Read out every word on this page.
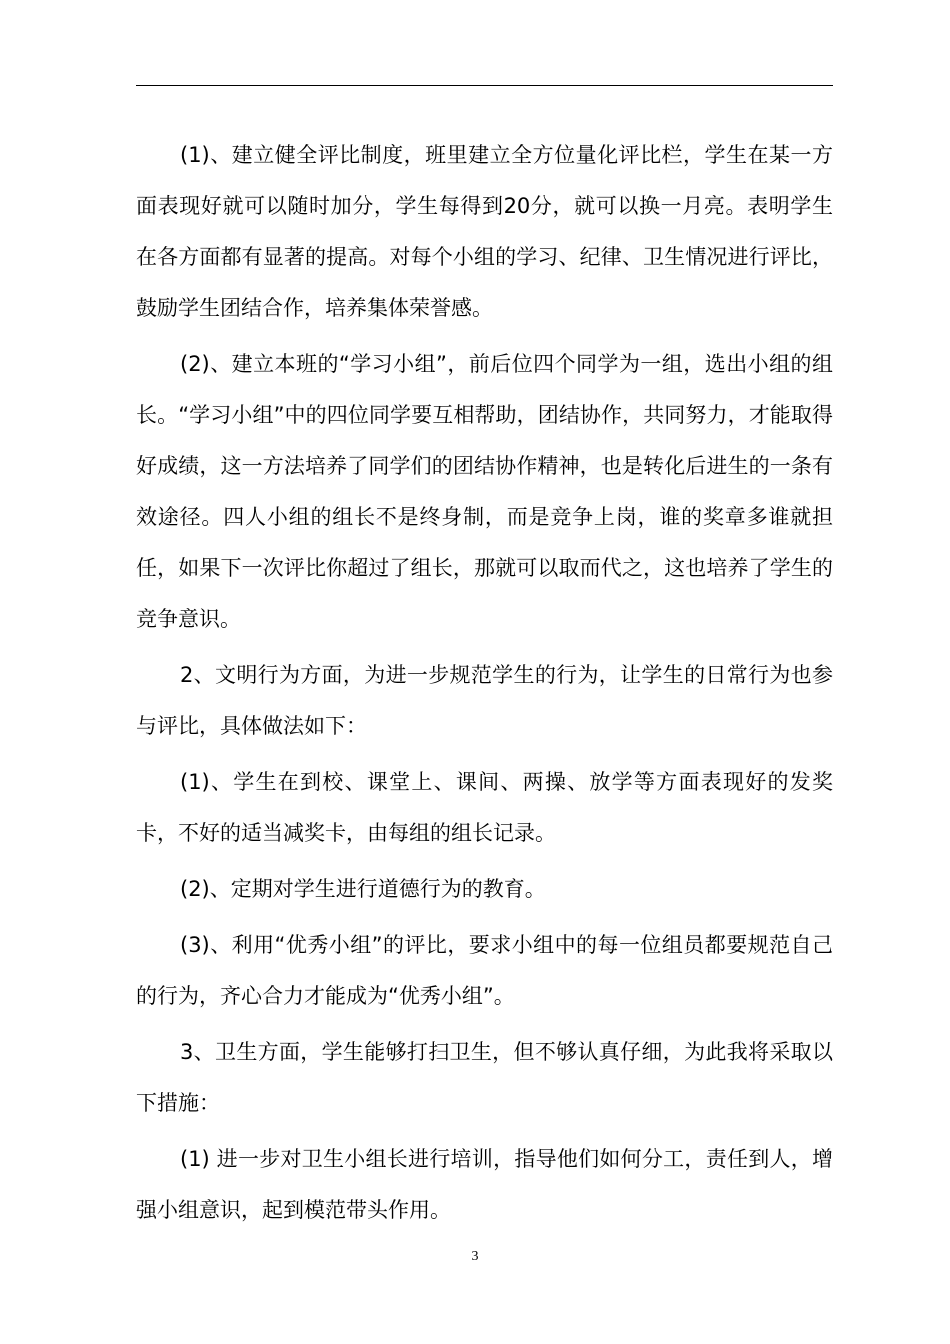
(1)、建立健全评比制度，班里建立全方位量化评比栏，学生在某一方面表现好就可以随时加分，学生每得到20分，就可以换一月亮。表明学生在各方面都有显著的提高。对每个小组的学习、纪律、卫生情况进行评比，鼓励学生团结合作，培养集体荣誉感。

(2)、建立本班的“学习小组”，前后位四个同学为一组，选出小组的组长。“学习小组”中的四位同学要互相帮助，团结协作，共同努力，才能取得好成绩，这一方法培养了同学们的团结协作精神，也是转化后进生的一条有效途径。四人小组的组长不是终身制，而是竞争上岗，谁的奖章多谁就担任，如果下一次评比你超过了组长，那就可以取而代之，这也培养了学生的竞争意识。

2、文明行为方面，为进一步规范学生的行为，让学生的日常行为也参与评比，具体做法如下：

(1)、学生在到校、课堂上、课间、两操、放学等方面表现好的发奖卡，不好的适当减奖卡，由每组的组长记录。

(2)、定期对学生进行道德行为的教育。

(3)、利用“优秀小组”的评比，要求小组中的每一位组员都要规范自己的行为，齐心合力才能成为“优秀小组”。

3、卫生方面，学生能够打扫卫生，但不够认真仔细，为此我将采取以下措施：

(1) 进一步对卫生小组长进行培训，指导他们如何分工，责任到人，增强小组意识，起到模范带头作用。

3
